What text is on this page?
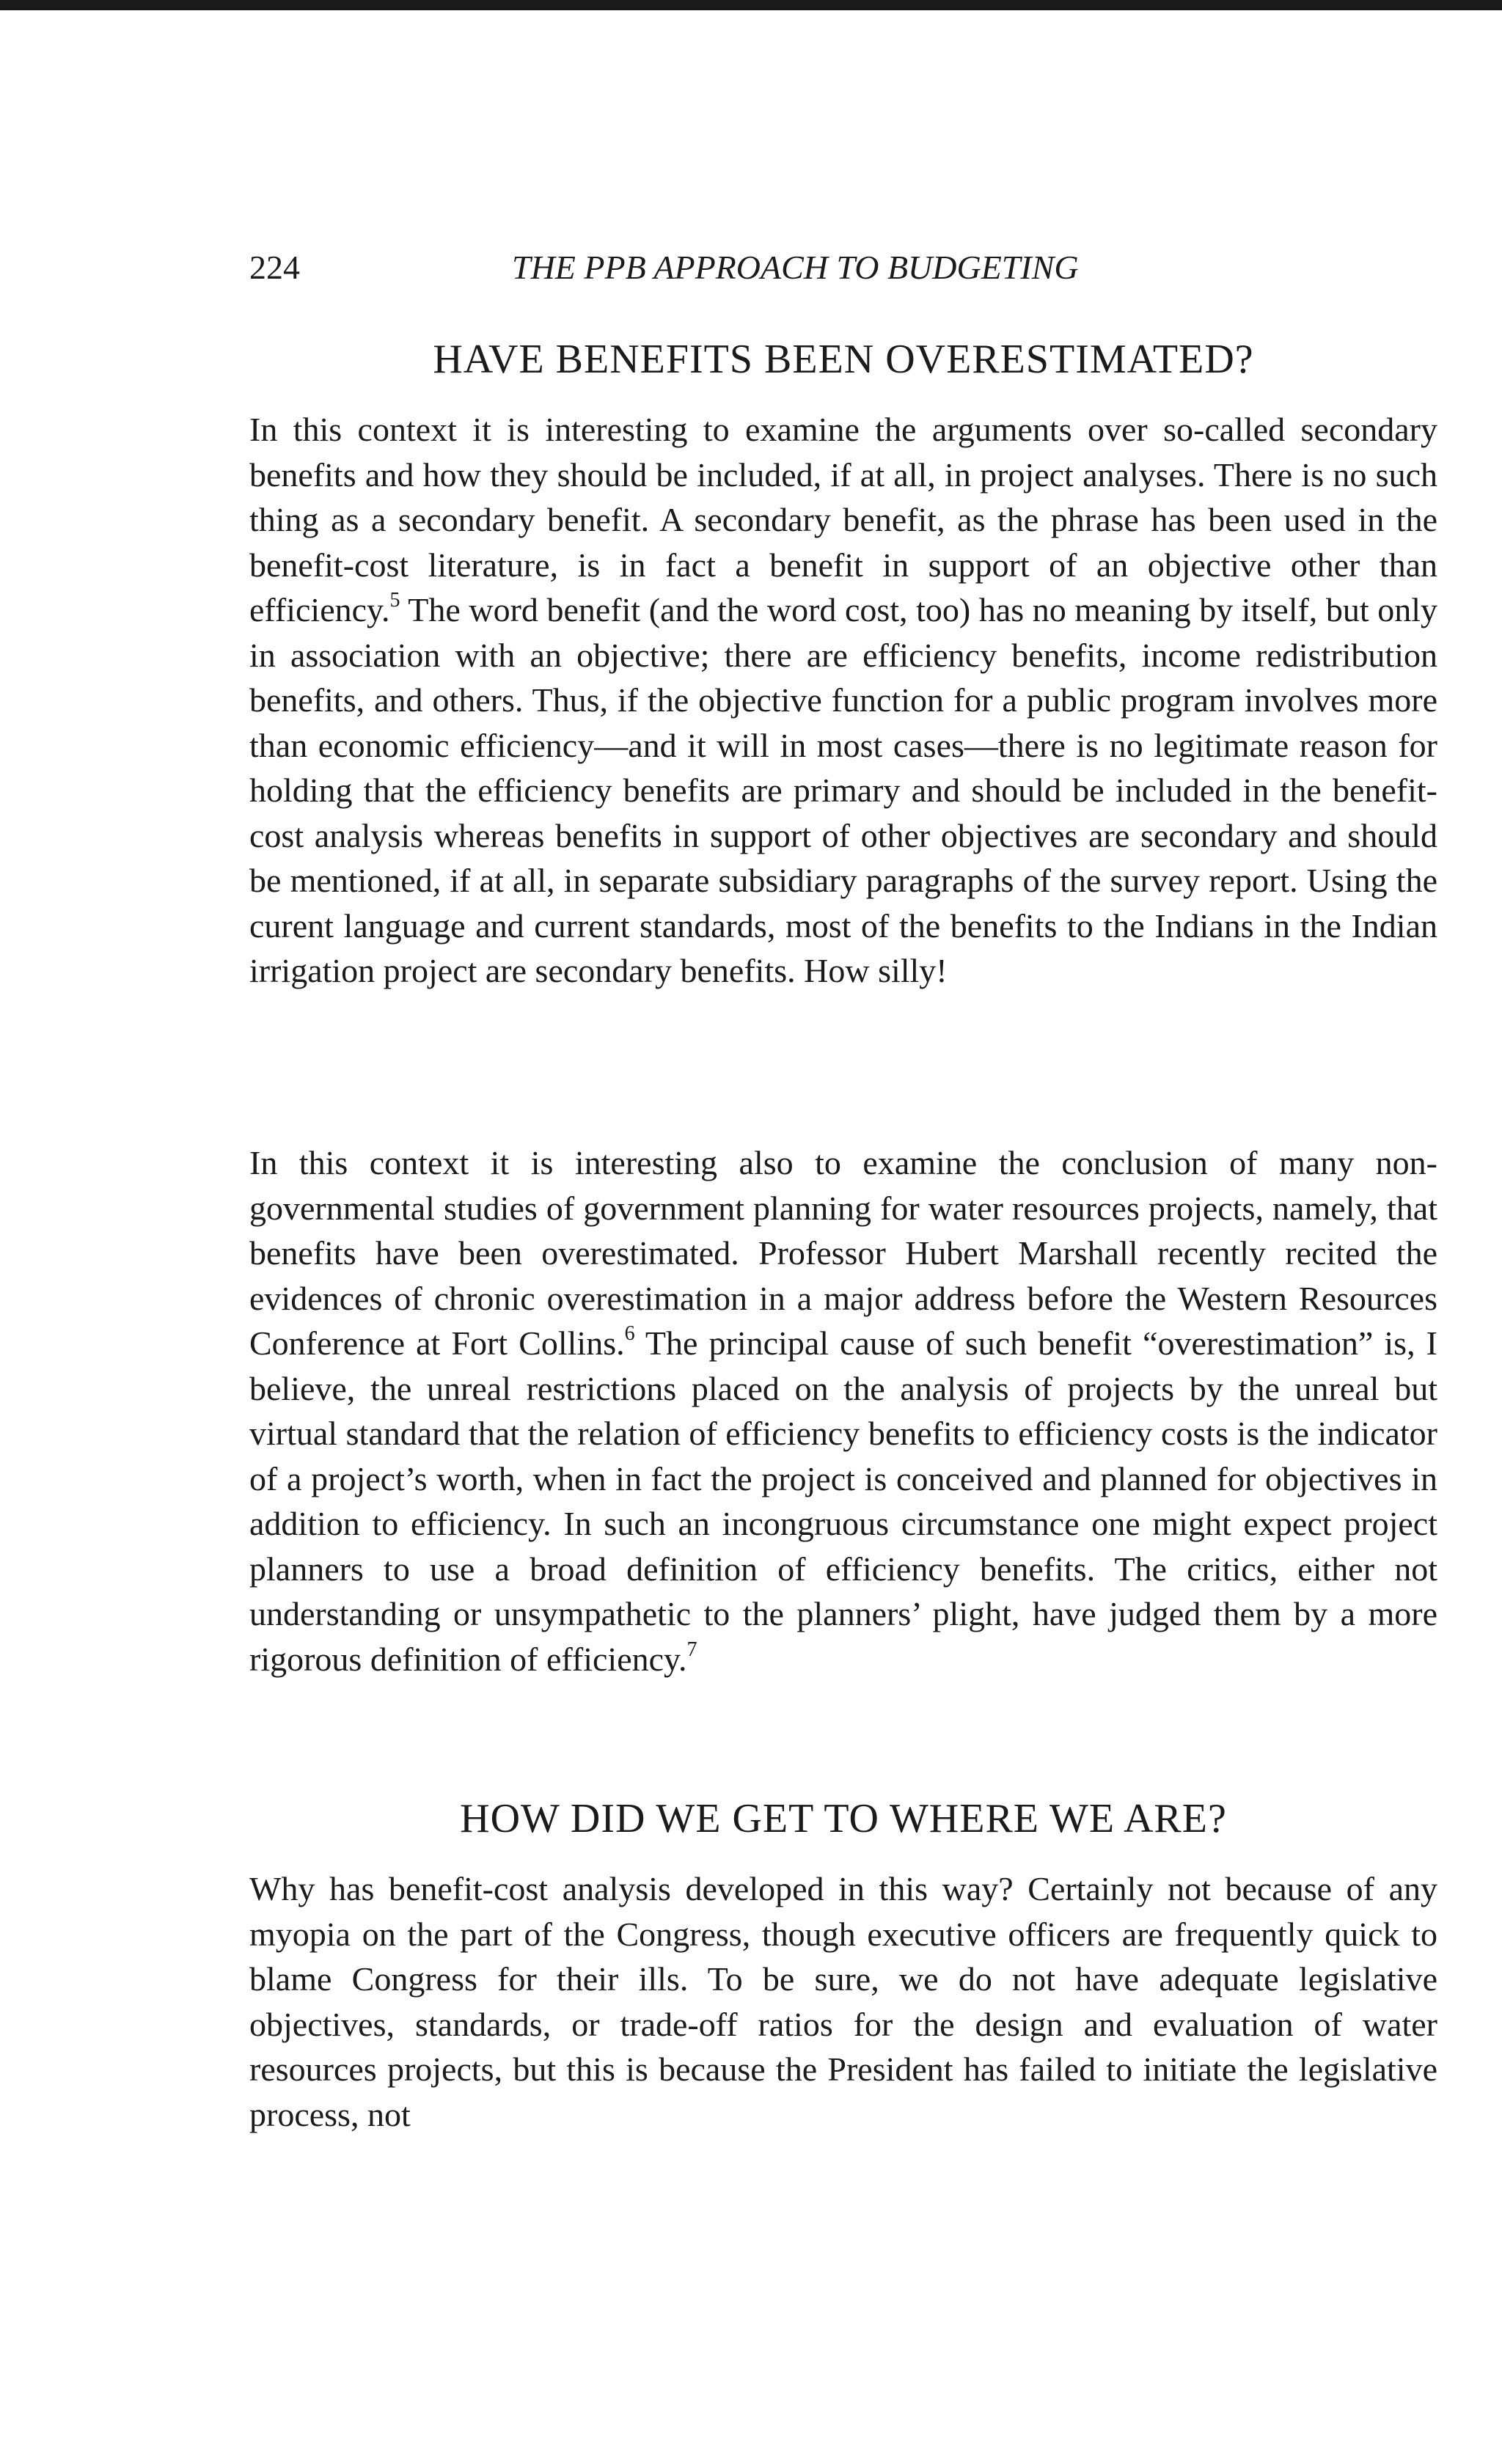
224	THE PPB APPROACH TO BUDGETING
HAVE BENEFITS BEEN OVERESTIMATED?

In this context it is interesting to examine the arguments over so-called secondary benefits and how they should be included, if at all, in project analyses. There is no such thing as a secondary benefit. A secondary benefit, as the phrase has been used in the benefit-cost literature, is in fact a benefit in support of an objective other than efficiency.$^5$ The word benefit (and the word cost, too) has no meaning by itself, but only in association with an objective; there are efficiency benefits, income redistribution benefits, and others. Thus, if the objective function for a public program involves more than economic efficiency—and it will in most cases—there is no legitimate reason for holding that the efficiency benefits are primary and should be included in the benefit-cost analysis whereas benefits in support of other objectives are secondary and should be mentioned, if at all, in separate subsidiary paragraphs of the survey report. Using the curent language and current standards, most of the benefits to the Indians in the Indian irrigation project are secondary benefits. How silly!

In this context it is interesting also to examine the conclusion of many non-governmental studies of government planning for water resources projects, namely, that benefits have been overestimated. Professor Hubert Marshall recently recited the evidences of chronic overestimation in a major address before the Western Resources Conference at Fort Collins.$^6$ The principal cause of such benefit “overestimation” is, I believe, the unreal restrictions placed on the analysis of projects by the unreal but virtual standard that the relation of efficiency benefits to efficiency costs is the indicator of a project’s worth, when in fact the project is conceived and planned for objectives in addition to efficiency. In such an incongruous circumstance one might expect project planners to use a broad definition of efficiency benefits. The critics, either not understanding or unsympathetic to the planners’ plight, have judged them by a more rigorous definition of efficiency.$^7$

HOW DID WE GET TO WHERE WE ARE?

Why has benefit-cost analysis developed in this way? Certainly not because of any myopia on the part of the Congress, though executive officers are frequently quick to blame Congress for their ills. To be sure, we do not have adequate legislative objectives, standards, or trade-off ratios for the design and evaluation of water resources projects, but this is because the President has failed to initiate the legislative process, not
